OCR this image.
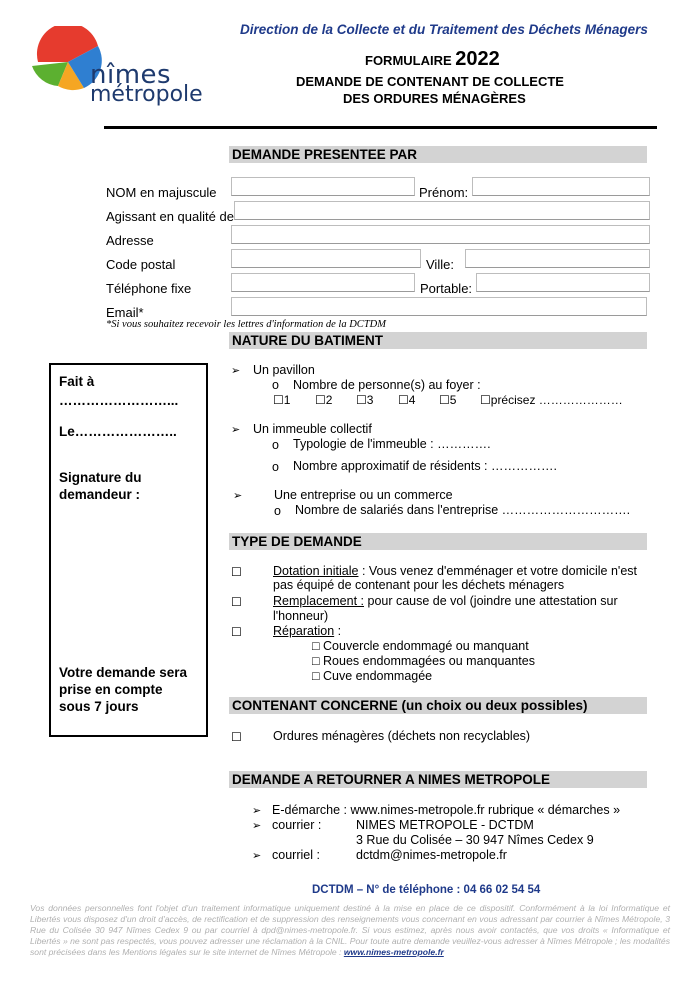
nîmes
métropole
Direction de la Collecte et du Traitement des Déchets Ménagers
FORMULAIRE 2022
DEMANDE DE CONTENANT DE COLLECTE
DES ORDURES MÉNAGÈRES
DEMANDE PRESENTEE PAR
NOM en majuscule	Prénom:
Agissant en qualité de
Adresse
Code postal	Ville:
Téléphone fixe	Portable:
Email*
*Si vous souhaitez recevoir les lettres d'information de la DCTDM
NATURE DU BATIMENT
Fait à
……………………...
Le…………………..
Signature du
demandeur :
Votre demande sera
prise en compte
sous 7 jours
➢ Un pavillon
o Nombre de personne(s) au foyer :
☐1 ☐2 ☐3 ☐4 ☐5 ☐précisez …………………
➢ Un immeuble collectif
o Typologie de l'immeuble : ………….
o Nombre approximatif de résidents : …………….
➢	Une entreprise ou un commerce
o Nombre de salariés dans l'entreprise ………………………….
TYPE DE DEMANDE
☐ Dotation initiale : Vous venez d'emménager et votre domicile n'est
pas équipé de contenant pour les déchets ménagers
☐ Remplacement : pour cause de vol (joindre une attestation sur
l'honneur)
☐ Réparation :
□ Couvercle endommagé ou manquant
□ Roues endommagées ou manquantes
□ Cuve endommagée
CONTENANT CONCERNE (un choix ou deux possibles)
☐ Ordures ménagères (déchets non recyclables)
DEMANDE A RETOURNER A NIMES METROPOLE
➢ E-démarche : www.nimes-metropole.fr rubrique « démarches »
➢ courrier :	NIMES METROPOLE - DCTDM
3 Rue du Colisée – 30 947 Nîmes Cedex 9
➢ courriel :	dctdm@nimes-metropole.fr
DCTDM – N° de téléphone : 04 66 02 54 54
Vos données personnelles font l'objet d'un traitement informatique uniquement destiné à la mise en place de ce dispositif. Conformément à la loi Informatique et Libertés vous disposez d'un droit d'accès, de rectification et de suppression des renseignements vous concernant en vous adressant par courrier à Nîmes Métropole, 3 Rue du Colisée 30 947 Nîmes Cedex 9 ou par courriel à dpd@nimes-metropole.fr. Si vous estimez, après nous avoir contactés, que vos droits « Informatique et Libertés » ne sont pas respectés, vous pouvez adresser une réclamation à la CNIL. Pour toute autre demande veuillez-vous adresser à Nîmes Métropole ; les modalités sont précisées dans les Mentions légales sur le site internet de Nîmes Métropole : www.nimes-metropole.fr
